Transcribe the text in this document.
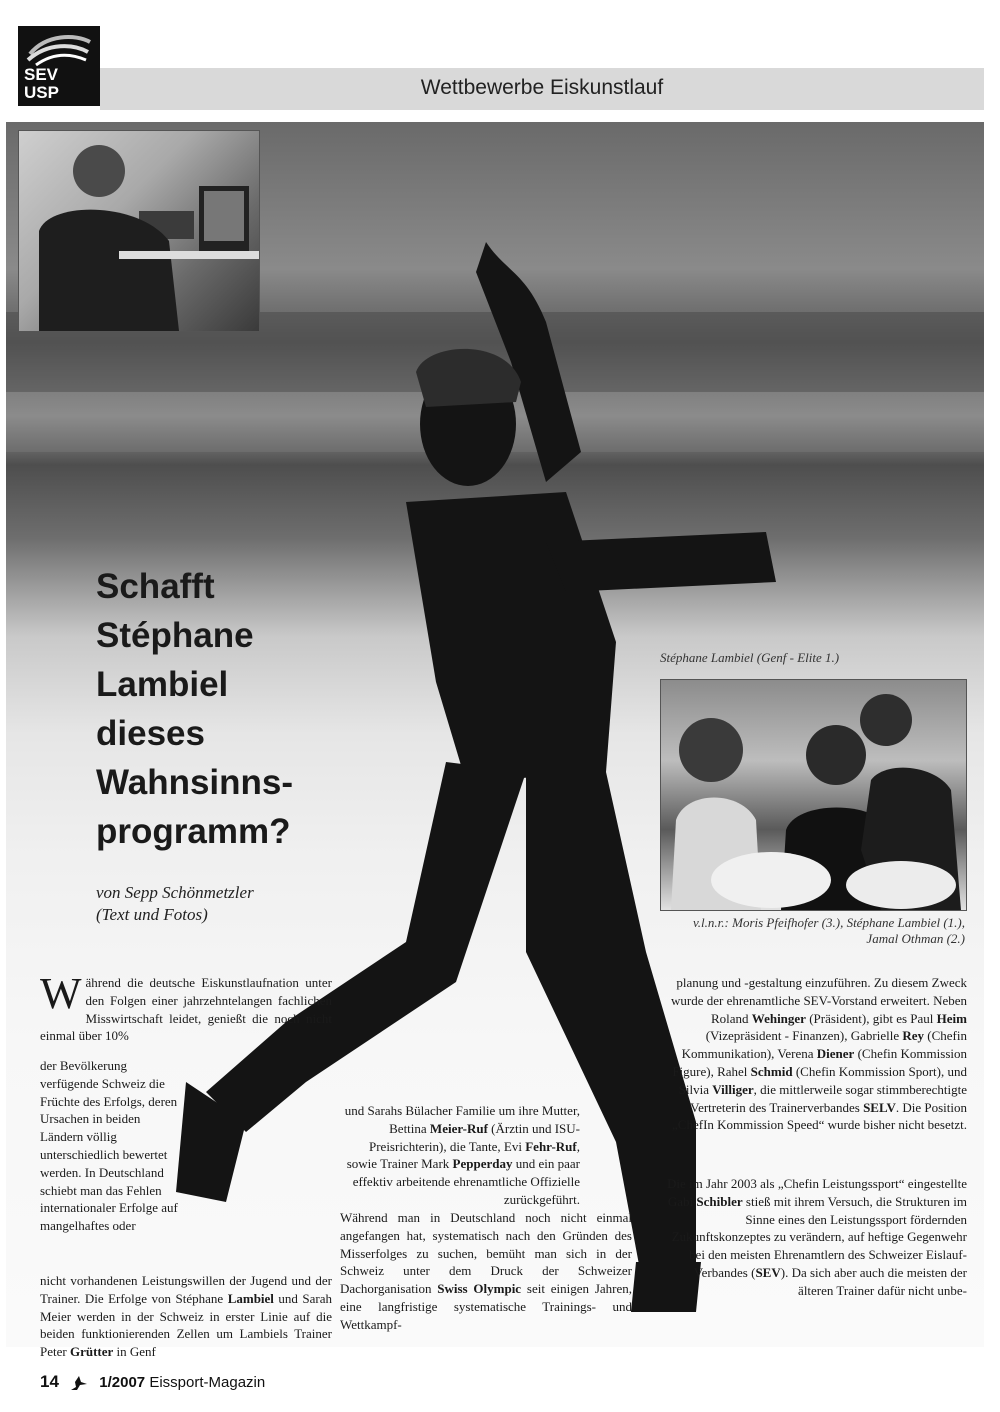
SEV
USP	Wettbewerbe Eiskunstlauf
Stéphane Lambiel (Genf - Elite 1.)
v.l.n.r.: Moris Pfeifhofer (3.), Stéphane Lambiel (1.),
Jamal Othman (2.)
Schafft
Stéphane
Lambiel
dieses
Wahnsinns-
programm?
von Sepp Schönmetzler
(Text und Fotos)
Während die deutsche Eiskunstlaufnation unter den Folgen einer jahrzehntelangen fachlichen Misswirtschaft leidet, genießt die noch nicht einmal über 10%
der Bevölkerung verfügende Schweiz die Früchte des Erfolgs, deren Ursachen in beiden Ländern völlig unterschiedlich bewertet werden. In Deutschland schiebt man das Fehlen internationaler Erfolge auf mangelhaftes oder
nicht vorhandenen Leistungswillen der Jugend und der Trainer. Die Erfolge von Stéphane Lambiel und Sarah Meier werden in der Schweiz in erster Linie auf die beiden funktionierenden Zellen um Lambiels Trainer Peter Grütter in Genf
und Sarahs Bülacher Familie um ihre Mutter, Bettina Meier-Ruf (Ärztin und ISU-Preisrichterin), die Tante, Evi Fehr-Ruf, sowie Trainer Mark Pepperday und ein paar effektiv arbeitende ehrenamtliche Offizielle zurückgeführt.
Während man in Deutschland noch nicht einmal angefangen hat, systematisch nach den Gründen des Misserfolges zu suchen, bemüht man sich in der Schweiz unter dem Druck der Schweizer Dachorganisation Swiss Olympic seit einigen Jahren, eine langfristige systematische Trainings- und Wettkampf-
planung und -gestaltung einzuführen. Zu diesem Zweck wurde der ehrenamtliche SEV-Vorstand erweitert. Neben Roland Wehinger (Präsident), gibt es Paul Heim (Vizepräsident - Finanzen), Gabrielle Rey (Chefin Kommunikation), Verena Diener (Chefin Kommission Figure), Rahel Schmid (Chefin Kommission Sport), und Silvia Villiger, die mittlerweile sogar stimmberechtigte Vertreterin des Trainerverbandes SELV. Die Position „ChefIn Kommission Speed“ wurde bisher nicht besetzt.
Die im Jahr 2003 als „Chefin Leistungssport“ eingestellte Gabi Schibler stieß mit ihrem Versuch, die Strukturen im Sinne eines den Leistungssport fördernden Zukunftskonzeptes zu verändern, auf heftige Gegenwehr bei den meisten Ehrenamtlern des Schweizer Eislauf-Verbandes (SEV). Da sich aber auch die meisten der älteren Trainer dafür nicht unbe-
14	1/2007 Eissport-Magazin
